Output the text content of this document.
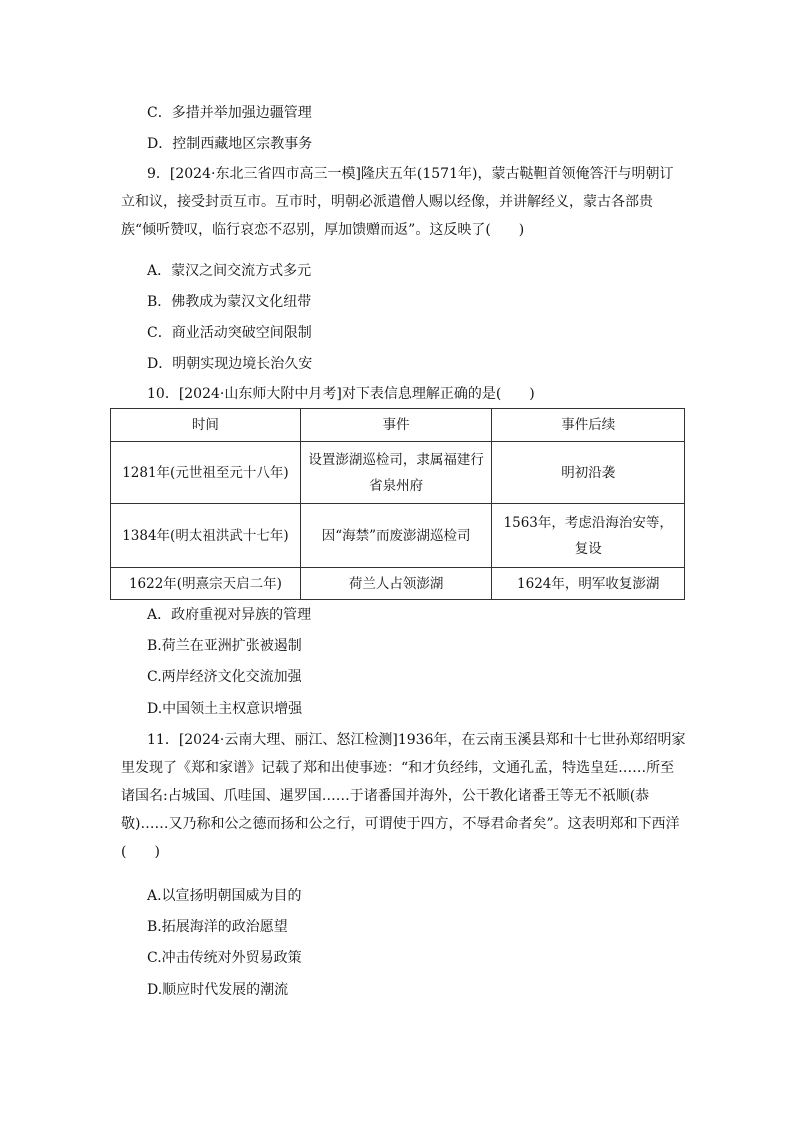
C．多措并举加强边疆管理
D．控制西藏地区宗教事务
9．[2024·东北三省四市高三一模]隆庆五年(1571年)，蒙古鞑靼首领俺答汗与明朝订立和议，接受封贡互市。互市时，明朝必派遣僧人赐以经像，并讲解经义，蒙古各部贵族“倾听赞叹，临行哀恋不忍别，厚加馈赠而返”。这反映了(　　)
A．蒙汉之间交流方式多元
B．佛教成为蒙汉文化纽带
C．商业活动突破空间限制
D．明朝实现边境长治久安
10．[2024·山东师大附中月考]对下表信息理解正确的是(　　)
时间	事件	事件后续
1281年(元世祖至元十八年)	设置澎湖巡检司，隶属福建行省泉州府	明初沿袭
1384年(明太祖洪武十七年)	因“海禁”而废澎湖巡检司	1563年，考虑沿海治安等，复设
1622年(明熹宗天启二年)	荷兰人占领澎湖	1624年，明军收复澎湖
A．政府重视对异族的管理
B.荷兰在亚洲扩张被遏制
C.两岸经济文化交流加强
D.中国领土主权意识增强
11．[2024·云南大理、丽江、怒江检测]1936年，在云南玉溪县郑和十七世孙郑绍明家里发现了《郑和家谱》记载了郑和出使事迹：“和才负经纬，文通孔孟，特选皇廷……所至诸国名:占城国、爪哇国、暹罗国……于诸番国并海外，公干教化诸番王等无不祇顺(恭敬)……又乃称和公之德而扬和公之行，可谓使于四方，不辱君命者矣”。这表明郑和下西洋(　　)
A.以宣扬明朝国威为目的
B.拓展海洋的政治愿望
C.冲击传统对外贸易政策
D.顺应时代发展的潮流
